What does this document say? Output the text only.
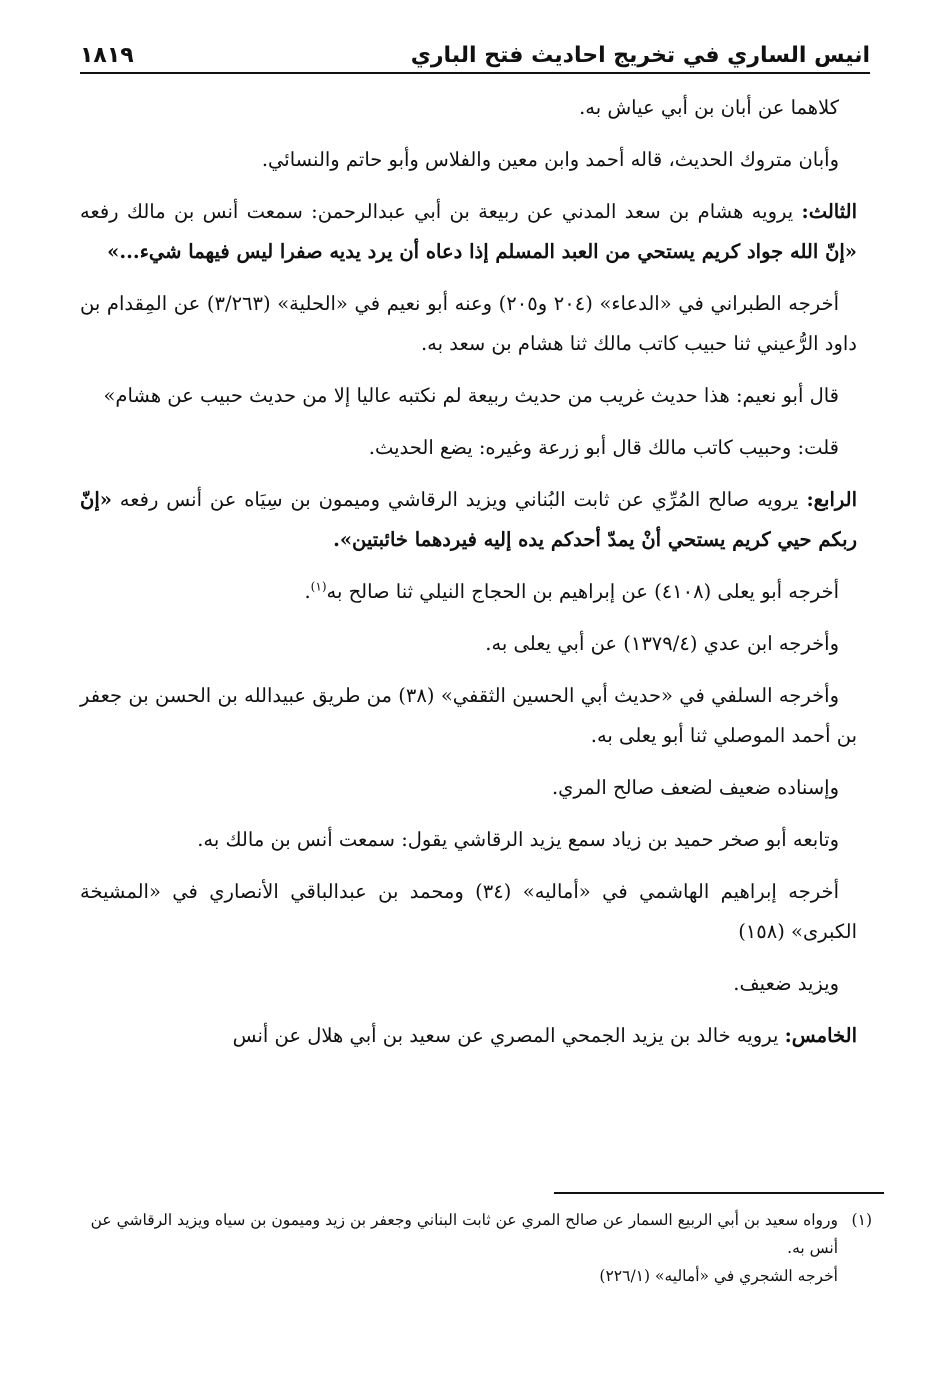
انيس الساري في تخريج احاديث فتح الباري
١٨١٩

كلاهما عن أبان بن أبي عياش به.

وأبان متروك الحديث، قاله أحمد وابن معين والفلاس وأبو حاتم والنسائي.

الثالث: يرويه هشام بن سعد المدني عن ربيعة بن أبي عبدالرحمن: سمعت أنس بن مالك رفعه «إنّ الله جواد كريم يستحي من العبد المسلم إذا دعاه أن يرد يديه صفرا ليس فيهما شيء...»

أخرجه الطبراني في «الدعاء» (٢٠٤ و٢٠٥) وعنه أبو نعيم في «الحلية» (٣/٢٦٣) عن المِقدام بن داود الرُّعيني ثنا حبيب كاتب مالك ثنا هشام بن سعد به.

قال أبو نعيم: هذا حديث غريب من حديث ربيعة لم نكتبه عاليا إلا من حديث حبيب عن هشام»

قلت: وحبيب كاتب مالك قال أبو زرعة وغيره: يضع الحديث.

الرابع: يرويه صالح المُرِّي عن ثابت البُناني ويزيد الرقاشي وميمون بن سِيَاه عن أنس رفعه «إنّ ربكم حيي كريم يستحي أنْ يمدّ أحدكم يده إليه فيردهما خائبتين».

أخرجه أبو يعلى (٤١٠٨) عن إبراهيم بن الحجاج النيلي ثنا صالح به$^{(١)}$.

وأخرجه ابن عدي (١٣٧٩/٤) عن أبي يعلى به.

وأخرجه السلفي في «حديث أبي الحسين الثقفي» (٣٨) من طريق عبيدالله بن الحسن بن جعفر بن أحمد الموصلي ثنا أبو يعلى به.

وإسناده ضعيف لضعف صالح المري.

وتابعه أبو صخر حميد بن زياد سمع يزيد الرقاشي يقول: سمعت أنس بن مالك به.

أخرجه إبراهيم الهاشمي في «أماليه» (٣٤) ومحمد بن عبدالباقي الأنصاري في «المشيخة الكبرى» (١٥٨)

ويزيد ضعيف.

الخامس: يرويه خالد بن يزيد الجمحي المصري عن سعيد بن أبي هلال عن أنس

(١)

ورواه سعيد بن أبي الربيع السمار عن صالح المري عن ثابت البناني وجعفر بن زيد وميمون بن سياه ويزيد الرقاشي عن أنس به.

أخرجه الشجري في «أماليه» (٢٢٦/١)
